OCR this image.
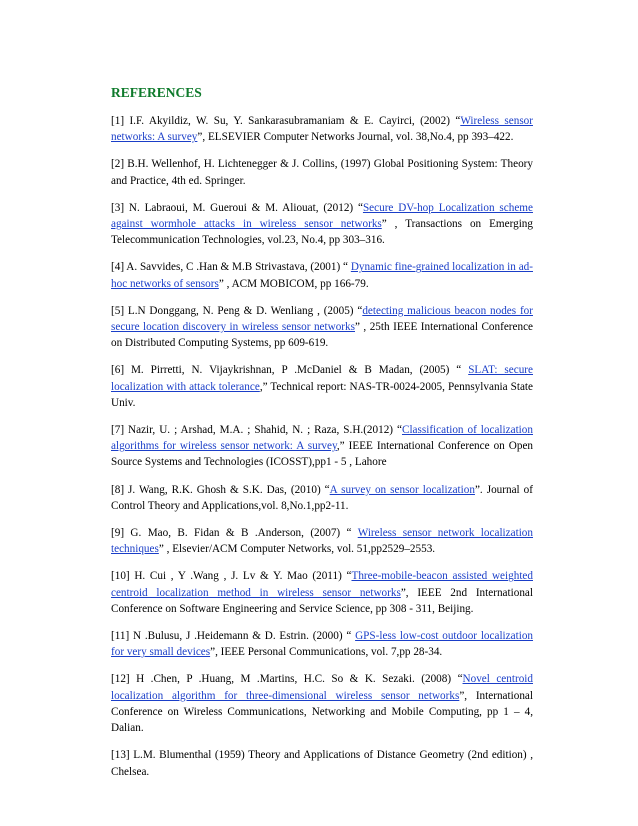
REFERENCES

[1] I.F. Akyildiz, W. Su, Y. Sankarasubramaniam & E. Cayirci, (2002) “Wireless sensor networks: A survey”, ELSEVIER Computer Networks Journal, vol. 38,No.4, pp 393–422.

[2] B.H. Wellenhof, H. Lichtenegger & J. Collins, (1997) Global Positioning System: Theory and Practice, 4th ed. Springer.

[3] N. Labraoui, M. Gueroui & M. Aliouat, (2012) “Secure DV-hop Localization scheme against wormhole attacks in wireless sensor networks” , Transactions on Emerging Telecommunication Technologies, vol.23, No.4, pp 303–316.

[4] A. Savvides, C .Han & M.B Strivastava, (2001) “ Dynamic fine-grained localization in ad-hoc networks of sensors” , ACM MOBICOM, pp 166-79.

[5] L.N Donggang, N. Peng & D. Wenliang , (2005) “detecting malicious beacon nodes for secure location discovery in wireless sensor networks” , 25th IEEE International Conference on Distributed Computing Systems, pp 609-619.

[6] M. Pirretti, N. Vijaykrishnan, P .McDaniel & B Madan, (2005) “ SLAT: secure localization with attack tolerance,” Technical report: NAS-TR-0024-2005, Pennsylvania State Univ.

[7] Nazir, U. ; Arshad, M.A. ; Shahid, N. ; Raza, S.H.(2012) “Classification of localization algorithms for wireless sensor network: A survey,” IEEE International Conference on Open Source Systems and Technologies (ICOSST),pp1 - 5 , Lahore

[8] J. Wang, R.K. Ghosh & S.K. Das, (2010) “A survey on sensor localization”. Journal of Control Theory and Applications,vol. 8,No.1,pp2-11.

[9] G. Mao, B. Fidan & B .Anderson, (2007) “ Wireless sensor network localization techniques” , Elsevier/ACM Computer Networks, vol. 51,pp2529–2553.

[10] H. Cui , Y .Wang , J. Lv & Y. Mao (2011) “Three-mobile-beacon assisted weighted centroid localization method in wireless sensor networks”, IEEE 2nd International Conference on Software Engineering and Service Science, pp 308 - 311, Beijing.

[11] N .Bulusu, J .Heidemann & D. Estrin. (2000) “ GPS-less low-cost outdoor localization for very small devices”, IEEE Personal Communications, vol. 7,pp 28-34.

[12] H .Chen, P .Huang, M .Martins, H.C. So & K. Sezaki. (2008) “Novel centroid localization algorithm for three-dimensional wireless sensor networks”, International Conference on Wireless Communications, Networking and Mobile Computing, pp 1 – 4, Dalian.

[13] L.M. Blumenthal (1959) Theory and Applications of Distance Geometry (2nd edition) , Chelsea.
